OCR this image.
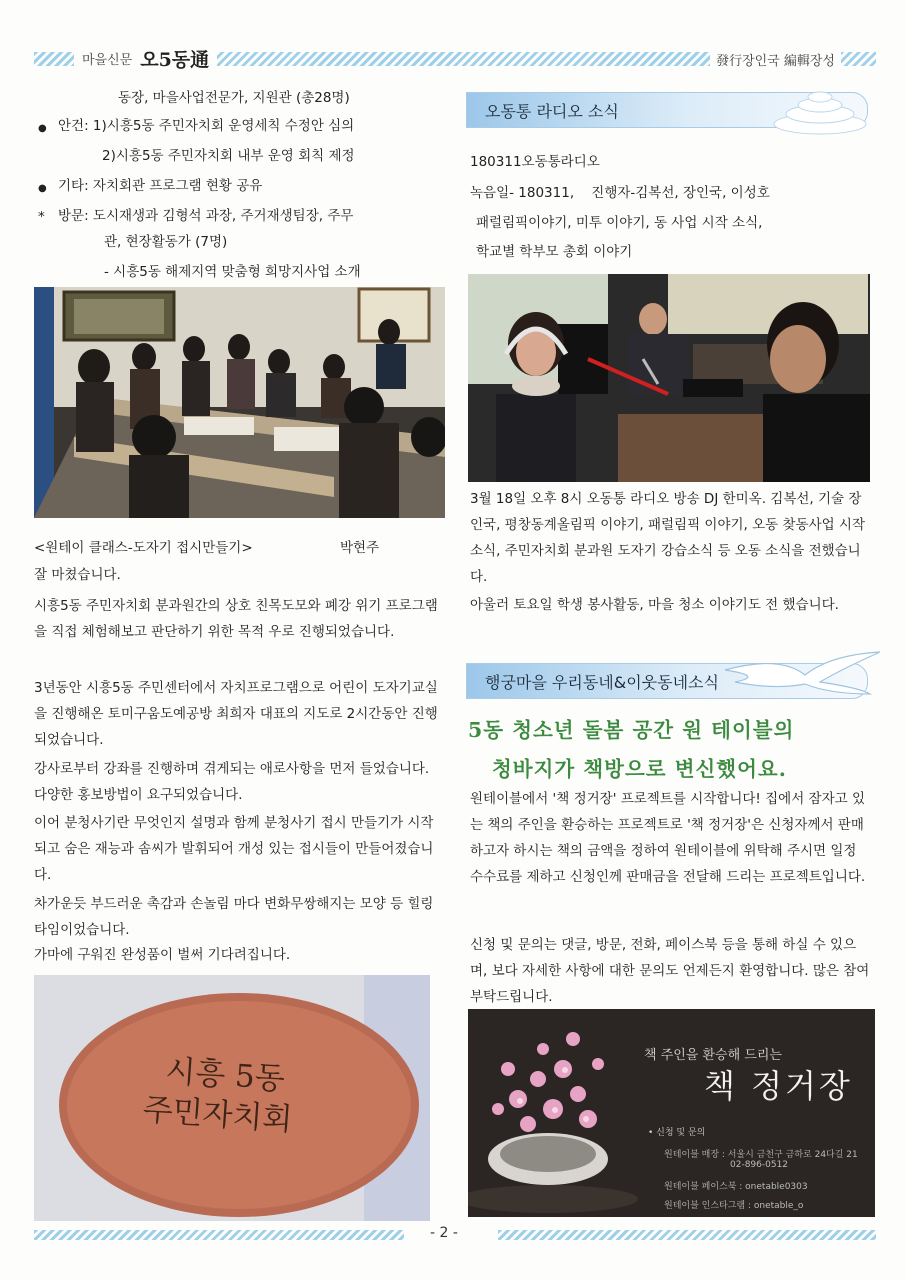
마을신문 오5동通	發行장인국 編輯장성
동장, 마을사업전문가, 지원관 (총28명)
● 안건: 1)시흥5동 주민자치회 운영세칙 수정안 심의
2)시흥5동 주민자치회 내부 운영 회칙 제정
● 기타: 자치회관 프로그램 현황 공유
* 방문: 도시재생과 김형석 과장, 주거재생팀장, 주무
관, 현장활동가 (7명)
- 시흥5동 해제지역 맞춤형 희망지사업 소개
<원테이 클래스-도자기 접시만들기>	박현주
잘 마쳤습니다.
시흥5동 주민자치회 분과원간의 상호 친목도모와 폐강 위기 프로그램을 직접 체험해보고 판단하기 위한 목적 우로 진행되었습니다.
3년동안 시흥5동 주민센터에서 자치프로그램으로 어린이 도자기교실을 진행해온 토미구움도예공방 최희자 대표의 지도로 2시간동안 진행되었습니다.
강사로부터 강좌를 진행하며 겪게되는 애로사항을 먼저 들었습니다. 다양한 홍보방법이 요구되었습니다.
이어 분청사기란 무엇인지 설명과 함께 분청사기 접시 만들기가 시작되고 숨은 재능과 솜씨가 발휘되어 개성 있는 접시들이 만들어졌습니다.
차가운듯 부드러운 촉감과 손놀림 마다 변화무쌍해지는 모양 등 힐링 타임이었습니다.
가마에 구워진 완성품이 벌써 기다려집니다.
시흥 5동
주민자치회
오동통 라디오 소식
180311오동통라디오
녹음일- 180311,    진행자-김복선, 장인국, 이성호
패럴림픽이야기, 미투 이야기, 동 사업 시작 소식,
학교별 학부모 총회 이야기
3월 18일 오후 8시 오동통 라디오 방송 DJ 한미옥. 김복선, 기술 장인국, 평창동계올림픽 이야기, 패럴림픽 이야기, 오동 찾동사업 시작 소식, 주민자치회 분과원 도자기 강습소식 등 오동 소식을 전했습니다.
아울러 토요일 학생 봉사활동, 마을 청소 이야기도 전 했습니다.
행궁마을 우리동네&이웃동네소식
5동 청소년 돌봄 공간 원 테이블의
청바지가 책방으로 변신했어요.
원테이블에서 '책 정거장' 프로젝트를 시작합니다! 집에서 잠자고 있는 책의 주인을 환승하는 프로젝트로 '책 정거장'은 신청자께서 판매하고자 하시는 책의 금액을 정하여 원테이블에 위탁해 주시면 일정 수수료를 제하고 신청인께 판매금을 전달해 드리는 프로젝트입니다.
신청 및 문의는 댓글, 방문, 전화, 페이스북 등을 통해 하실 수 있으며, 보다 자세한 사항에 대한 문의도 언제든지 환영합니다. 많은 참여 부탁드립니다.
책 주인을 환승해 드리는
책 정거장
• 신청 및 문의
원테이블 매장 : 서울시 금천구 금하로 24다길 21
02-896-0512
원테이블 페이스북 : onetable0303
원테이블 인스타그램 : onetable_o
- 2 -
